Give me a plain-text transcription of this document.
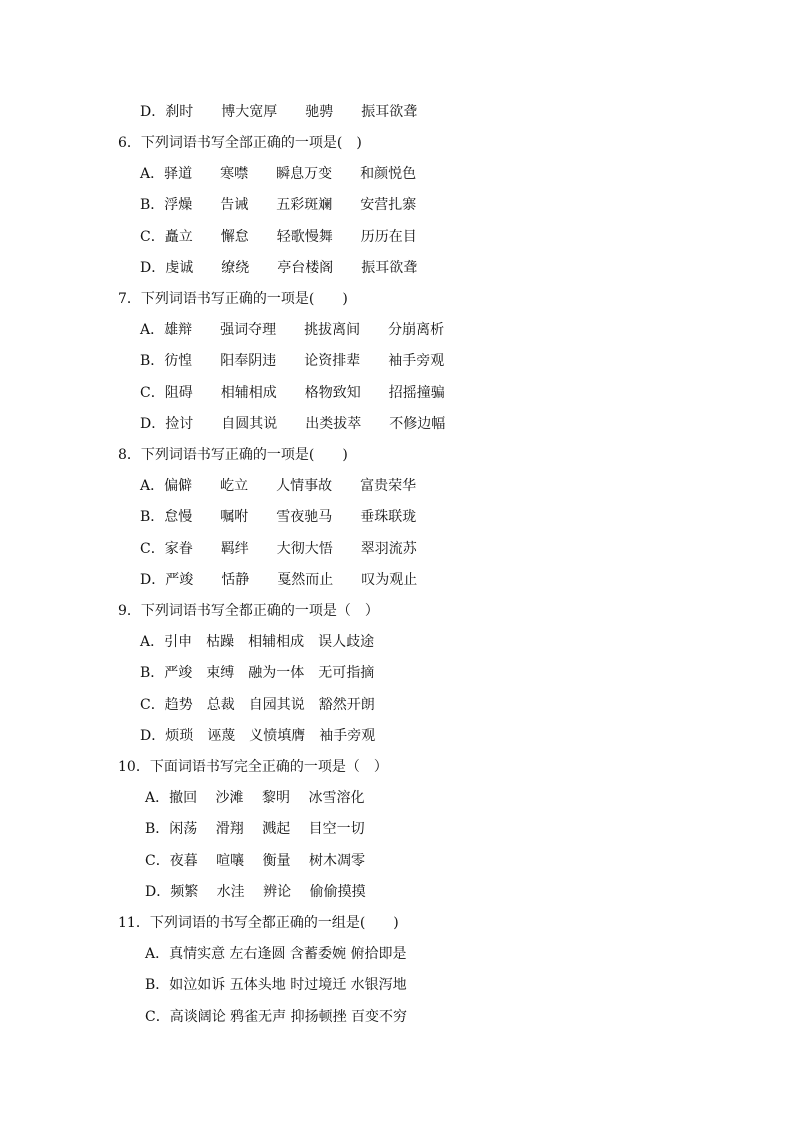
D．刹时　　博大宽厚　　驰骋　　振耳欲聋
6．下列词语书写全部正确的一项是(　)
A．驿道　　寒噤　　瞬息万变　　和颜悦色
B．浮燥　　告诫　　五彩斑斓　　安营扎寨
C．矗立　　懈怠　　轻歌慢舞　　历历在目
D．虔诚　　缭绕　　亭台楼阁　　振耳欲聋
7．下列词语书写正确的一项是(　　)
A．雄辩　　强词夺理　　挑拔离间　　分崩离析
B．彷惶　　阳奉阴违　　论资排辈　　袖手旁观
C．阻碍　　相辅相成　　格物致知　　招摇撞骗
D．捡讨　　自圆其说　　出类拔萃　　不修边幅
8．下列词语书写正确的一项是(　　)
A．偏僻　　屹立　　人情事故　　富贵荣华
B．怠慢　　嘱咐　　雪夜驰马　　垂珠联珑
C．家眷　　羁绊　　大彻大悟　　翠羽流苏
D．严竣　　恬静　　戛然而止　　叹为观止
9．下列词语书写全都正确的一项是（　）
A．引申　枯躁　相辅相成　误人歧途
B．严竣　束缚　融为一体　无可指摘
C．趋势　总裁　自园其说　豁然开朗
D．烦琐　诬蔑　义愤填膺　袖手旁观
10．下面词语书写完全正确的一项是（　）
A．撤回　 沙滩　 黎明　 冰雪溶化
B．闲荡　 滑翔　 溅起　 目空一切
C．夜暮　 喧嚷　 衡量　 树木凋零
D．频繁　 水洼　 辨论　 偷偷摸摸
11．下列词语的书写全都正确的一组是(　　)
A．真情实意 左右逢圆 含蓄委婉 俯拾即是
B．如泣如诉 五体头地 时过境迁 水银泻地
C．高谈阔论 鸦雀无声 抑扬顿挫 百变不穷
